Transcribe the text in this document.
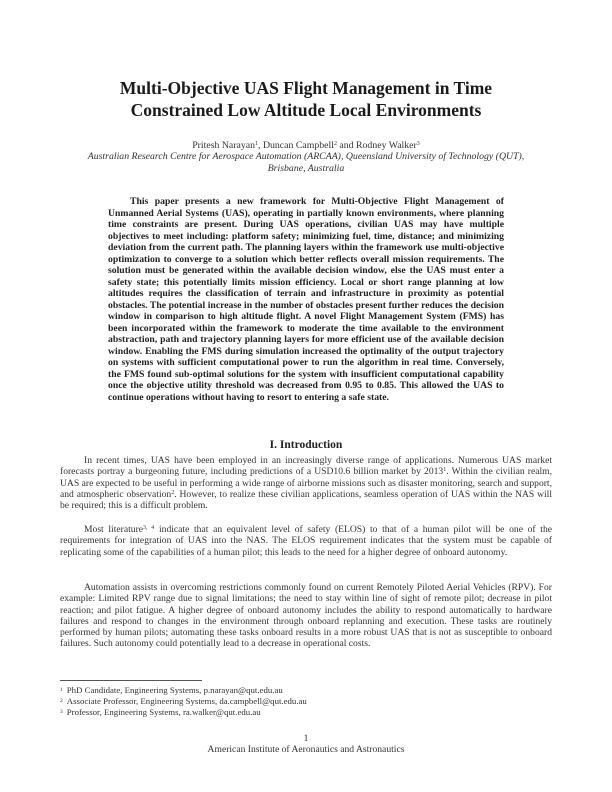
Multi-Objective UAS Flight Management in Time
Constrained Low Altitude Local Environments
Pritesh Narayan$^1$, Duncan Campbell$^2$ and Rodney Walker$^3$
Australian Research Centre for Aerospace Automation (ARCAA), Queensland University of Technology (QUT), Brisbane, Australia

This paper presents a new framework for Multi-Objective Flight Management of Unmanned Aerial Systems (UAS), operating in partially known environments, where planning time constraints are present. During UAS operations, civilian UAS may have multiple objectives to meet including: platform safety; minimizing fuel, time, distance; and minimizing deviation from the current path. The planning layers within the framework use multi-objective optimization to converge to a solution which better reflects overall mission requirements. The solution must be generated within the available decision window, else the UAS must enter a safety state; this potentially limits mission efficiency. Local or short range planning at low altitudes requires the classification of terrain and infrastructure in proximity as potential obstacles. The potential increase in the number of obstacles present further reduces the decision window in comparison to high altitude flight. A novel Flight Management System (FMS) has been incorporated within the framework to moderate the time available to the environment abstraction, path and trajectory planning layers for more efficient use of the available decision window. Enabling the FMS during simulation increased the optimality of the output trajectory on systems with sufficient computational power to run the algorithm in real time. Conversely, the FMS found sub-optimal solutions for the system with insufficient computational capability once the objective utility threshold was decreased from 0.95 to 0.85. This allowed the UAS to continue operations without having to resort to entering a safe state.

I. Introduction

In recent times, UAS have been employed in an increasingly diverse range of applications. Numerous UAS market forecasts portray a burgeoning future, including predictions of a USD10.6 billion market by 2013$^1$. Within the civilian realm, UAS are expected to be useful in performing a wide range of airborne missions such as disaster monitoring, search and support, and atmospheric observation$^2$. However, to realize these civilian applications, seamless operation of UAS within the NAS will be required; this is a difficult problem.

Most literature$^{3, 4}$ indicate that an equivalent level of safety (ELOS) to that of a human pilot will be one of the requirements for integration of UAS into the NAS. The ELOS requirement indicates that the system must be capable of replicating some of the capabilities of a human pilot; this leads to the need for a higher degree of onboard autonomy.

Automation assists in overcoming restrictions commonly found on current Remotely Piloted Aerial Vehicles (RPV). For example: Limited RPV range due to signal limitations; the need to stay within line of sight of remote pilot; decrease in pilot reaction; and pilot fatigue. A higher degree of onboard autonomy includes the ability to respond automatically to hardware failures and respond to changes in the environment through onboard replanning and execution. These tasks are routinely performed by human pilots; automating these tasks onboard results in a more robust UAS that is not as susceptible to onboard failures. Such autonomy could potentially lead to a decrease in operational costs.

$^1$ PhD Candidate, Engineering Systems, p.narayan@qut.edu.au

$^2$ Associate Professor, Engineering Systems, da.campbell@qut.edu.au

$^3$ Professor, Engineering Systems, ra.walker@qut.edu.au

1
American Institute of Aeronautics and Astronautics
